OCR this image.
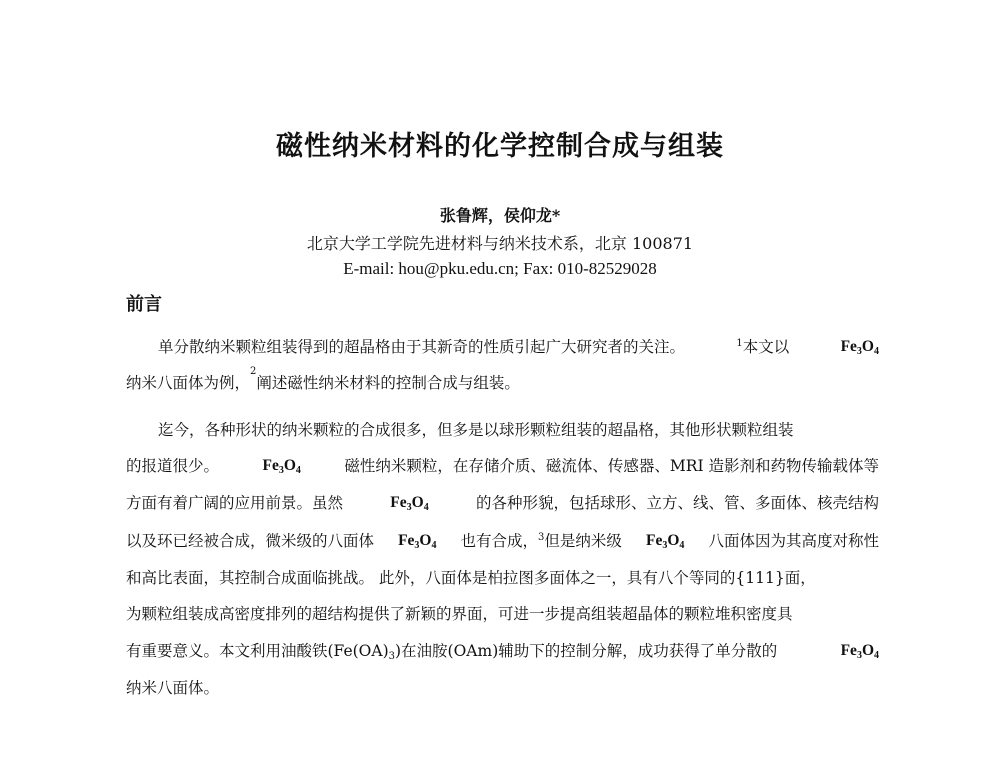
磁性纳米材料的化学控制合成与组装
张鲁辉，侯仰龙*
北京大学工学院先进材料与纳米技术系，北京 100871
E-mail: hou@pku.edu.cn; Fax: 010-82529028
前言
单分散纳米颗粒组装得到的超晶格由于其新奇的性质引起广大研究者的关注。	$^1$本文以	$Fe_3O_4$
纳米八面体为例，
2
阐述磁性纳米材料的控制合成与组装。
迄今，各种形状的纳米颗粒的合成很多，但多是以球形颗粒组装的超晶格，其他形状颗粒组装
的报道很少。	$Fe_3O_4$	磁性纳米颗粒，在存储介质、磁流体、传感器、MRI 造影剂和药物传输载体等
方面有着广阔的应用前景。虽然	$Fe_3O_4$	的各种形貌，包括球形、立方、线、管、多面体、核壳结构
以及环已经被合成，微米级的八面体 $Fe_3O_4$ 也有合成，$^3$但是纳米级 $Fe_3O_4$ 八面体因为其高度对称性
和高比表面，其控制合成面临挑战。 此外，八面体是柏拉图多面体之一，具有八个等同的{111}面，
为颗粒组装成高密度排列的超结构提供了新颖的界面，可进一步提高组装超晶体的颗粒堆积密度具
有重要意义。本文利用油酸铁$(Fe(OA)_3)$在油胺(OAm)辅助下的控制分解，成功获得了单分散的	$Fe_3O_4$
纳米八面体。
